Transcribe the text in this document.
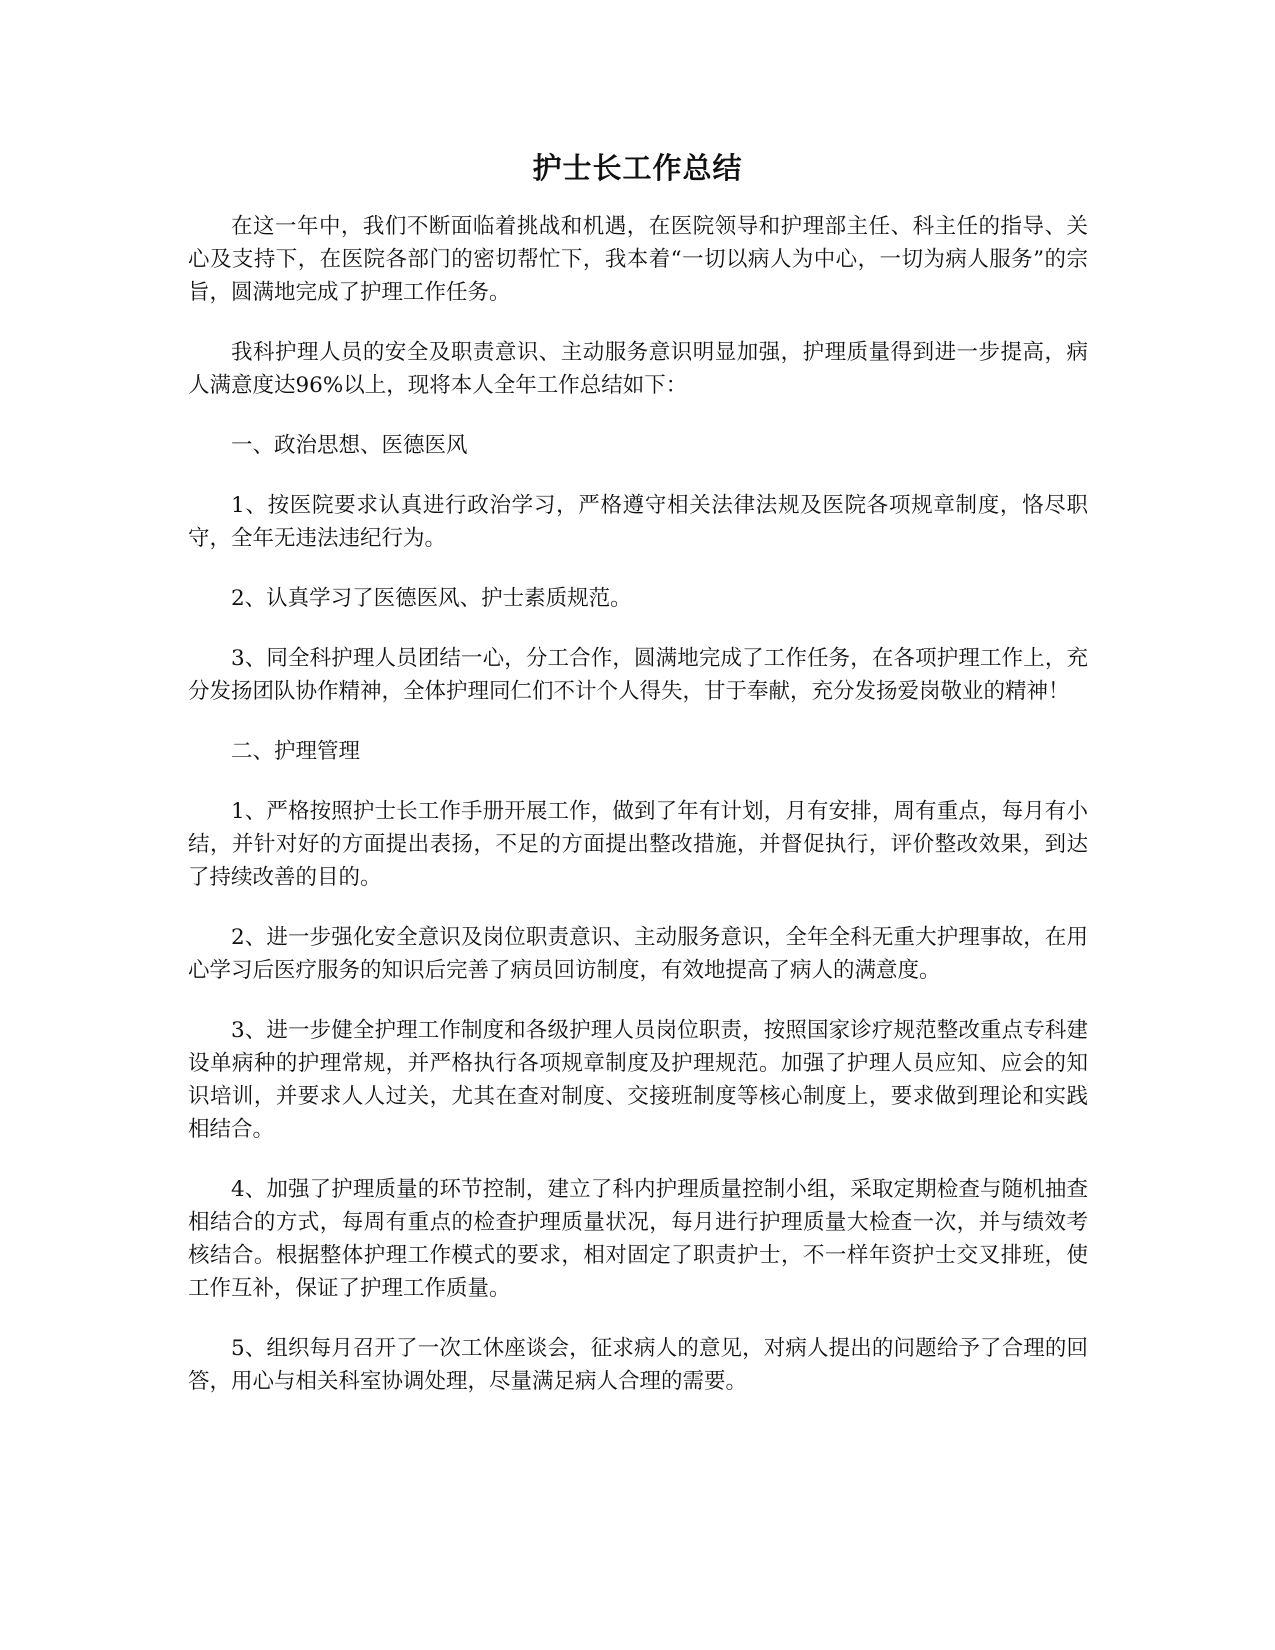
护士长工作总结

在这一年中，我们不断面临着挑战和机遇，在医院领导和护理部主任、科主任的指导、关心及支持下，在医院各部门的密切帮忙下，我本着“一切以病人为中心，一切为病人服务”的宗旨，圆满地完成了护理工作任务。

我科护理人员的安全及职责意识、主动服务意识明显加强，护理质量得到进一步提高，病人满意度达96%以上，现将本人全年工作总结如下：

一、政治思想、医德医风

1、按医院要求认真进行政治学习，严格遵守相关法律法规及医院各项规章制度，恪尽职守，全年无违法违纪行为。

2、认真学习了医德医风、护士素质规范。

3、同全科护理人员团结一心，分工合作，圆满地完成了工作任务，在各项护理工作上，充分发扬团队协作精神，全体护理同仁们不计个人得失，甘于奉献，充分发扬爱岗敬业的精神！

二、护理管理

1、严格按照护士长工作手册开展工作，做到了年有计划，月有安排，周有重点，每月有小结，并针对好的方面提出表扬，不足的方面提出整改措施，并督促执行，评价整改效果，到达了持续改善的目的。

2、进一步强化安全意识及岗位职责意识、主动服务意识，全年全科无重大护理事故，在用心学习后医疗服务的知识后完善了病员回访制度，有效地提高了病人的满意度。

3、进一步健全护理工作制度和各级护理人员岗位职责，按照国家诊疗规范整改重点专科建设单病种的护理常规，并严格执行各项规章制度及护理规范。加强了护理人员应知、应会的知识培训，并要求人人过关，尤其在查对制度、交接班制度等核心制度上，要求做到理论和实践相结合。

4、加强了护理质量的环节控制，建立了科内护理质量控制小组，采取定期检查与随机抽查相结合的方式，每周有重点的检查护理质量状况，每月进行护理质量大检查一次，并与绩效考核结合。根据整体护理工作模式的要求，相对固定了职责护士，不一样年资护士交叉排班，使工作互补，保证了护理工作质量。

5、组织每月召开了一次工休座谈会，征求病人的意见，对病人提出的问题给予了合理的回答，用心与相关科室协调处理，尽量满足病人合理的需要。
